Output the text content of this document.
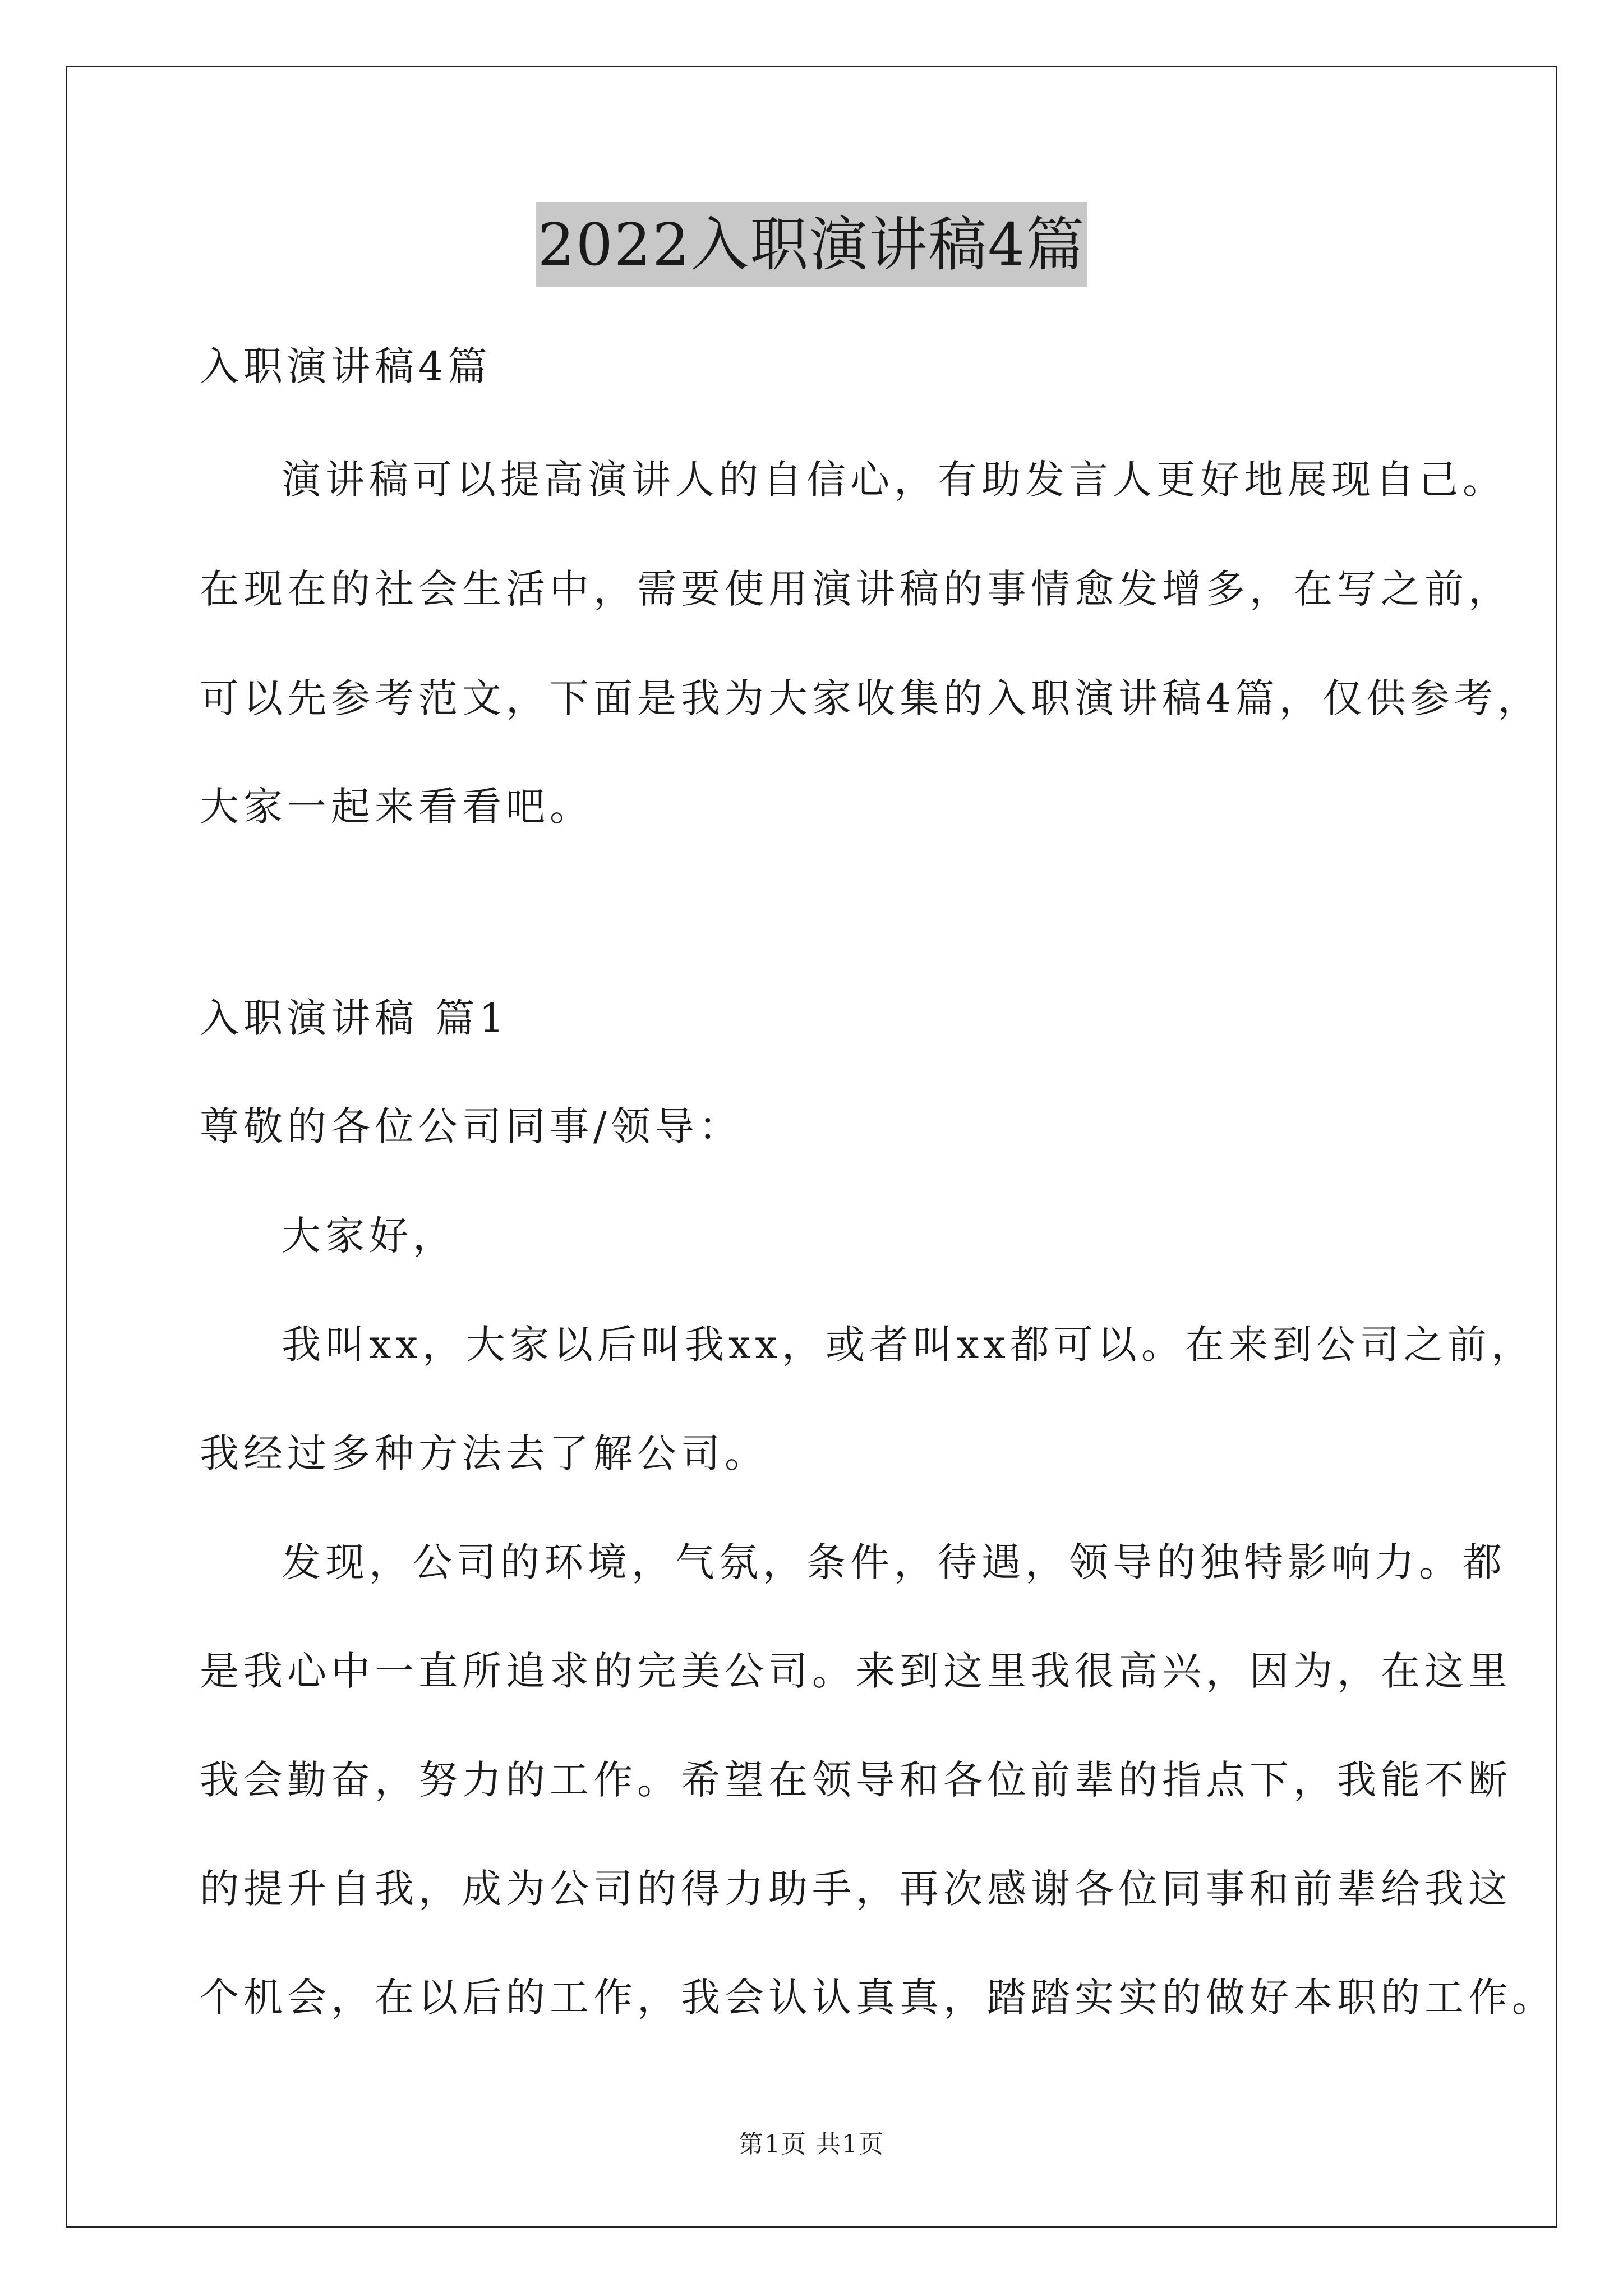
2022入职演讲稿4篇
入职演讲稿4篇
演讲稿可以提高演讲人的自信心，有助发言人更好地展现自己。
在现在的社会生活中，需要使用演讲稿的事情愈发增多，在写之前，
可以先参考范文，下面是我为大家收集的入职演讲稿4篇，仅供参考，
大家一起来看看吧。
入职演讲稿 篇1
尊敬的各位公司同事/领导：
大家好，
我叫xx，大家以后叫我xx，或者叫xx都可以。在来到公司之前，
我经过多种方法去了解公司。
发现，公司的环境，气氛，条件，待遇，领导的独特影响力。都
是我心中一直所追求的完美公司。来到这里我很高兴，因为，在这里
我会勤奋，努力的工作。希望在领导和各位前辈的指点下，我能不断
的提升自我，成为公司的得力助手，再次感谢各位同事和前辈给我这
个机会，在以后的工作，我会认认真真，踏踏实实的做好本职的工作。
第1页 共1页
